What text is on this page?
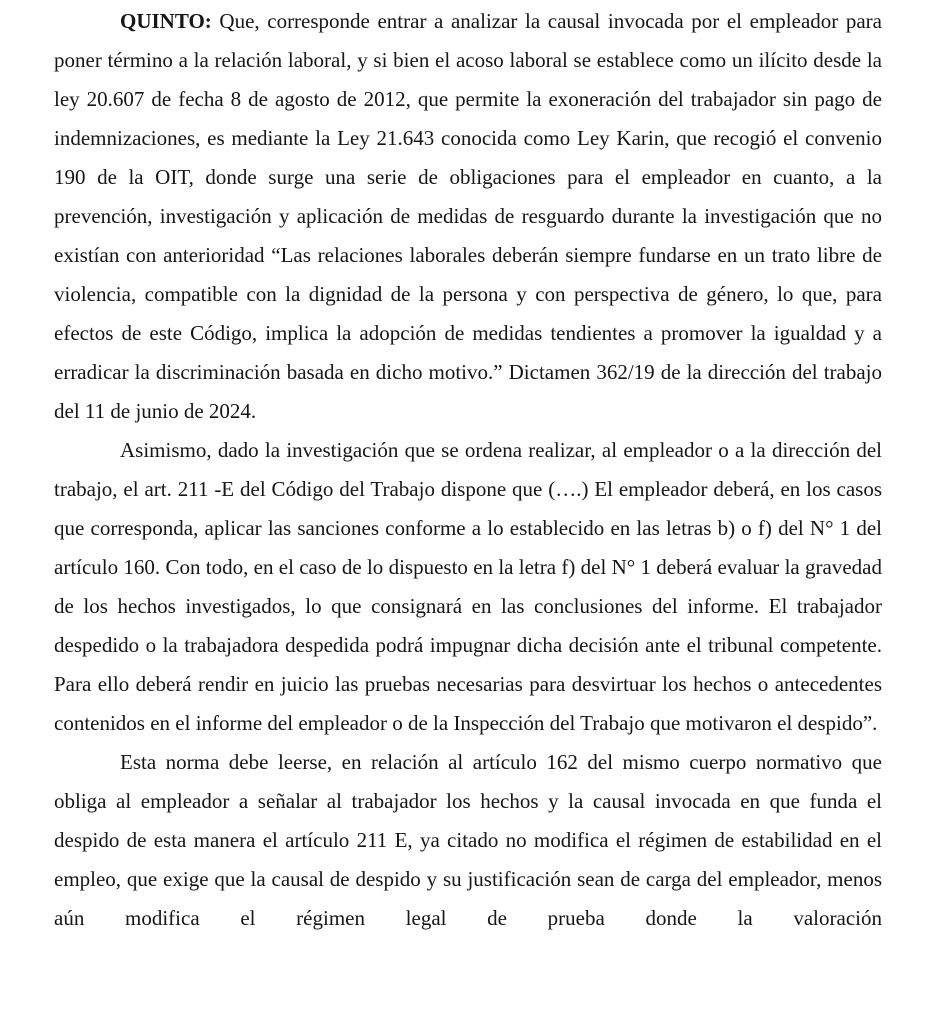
QUINTO: Que, corresponde entrar a analizar la causal invocada por el empleador para poner término a la relación laboral, y si bien el acoso laboral se establece como un ilícito desde la ley 20.607 de fecha 8 de agosto de 2012, que permite la exoneración del trabajador sin pago de indemnizaciones, es mediante la Ley 21.643 conocida como Ley Karin, que recogió el convenio 190 de la OIT, donde surge una serie de obligaciones para el empleador en cuanto, a la prevención, investigación y aplicación de medidas de resguardo durante la investigación que no existían con anterioridad “Las relaciones laborales deberán siempre fundarse en un trato libre de violencia, compatible con la dignidad de la persona y con perspectiva de género, lo que, para efectos de este Código, implica la adopción de medidas tendientes a promover la igualdad y a erradicar la discriminación basada en dicho motivo.” Dictamen 362/19 de la dirección del trabajo del 11 de junio de 2024.

Asimismo, dado la investigación que se ordena realizar, al empleador o a la dirección del trabajo, el art. 211 -E del Código del Trabajo dispone que (….) El empleador deberá, en los casos que corresponda, aplicar las sanciones conforme a lo establecido en las letras b) o f) del N° 1 del artículo 160. Con todo, en el caso de lo dispuesto en la letra f) del N° 1 deberá evaluar la gravedad de los hechos investigados, lo que consignará en las conclusiones del informe. El trabajador despedido o la trabajadora despedida podrá impugnar dicha decisión ante el tribunal competente. Para ello deberá rendir en juicio las pruebas necesarias para desvirtuar los hechos o antecedentes contenidos en el informe del empleador o de la Inspección del Trabajo que motivaron el despido”.

Esta norma debe leerse, en relación al artículo 162 del mismo cuerpo normativo que obliga al empleador a señalar al trabajador los hechos y la causal invocada en que funda el despido de esta manera el artículo 211 E, ya citado no modifica el régimen de estabilidad en el empleo, que exige que la causal de despido y su justificación sean de carga del empleador, menos aún modifica el régimen legal de prueba donde la valoración
